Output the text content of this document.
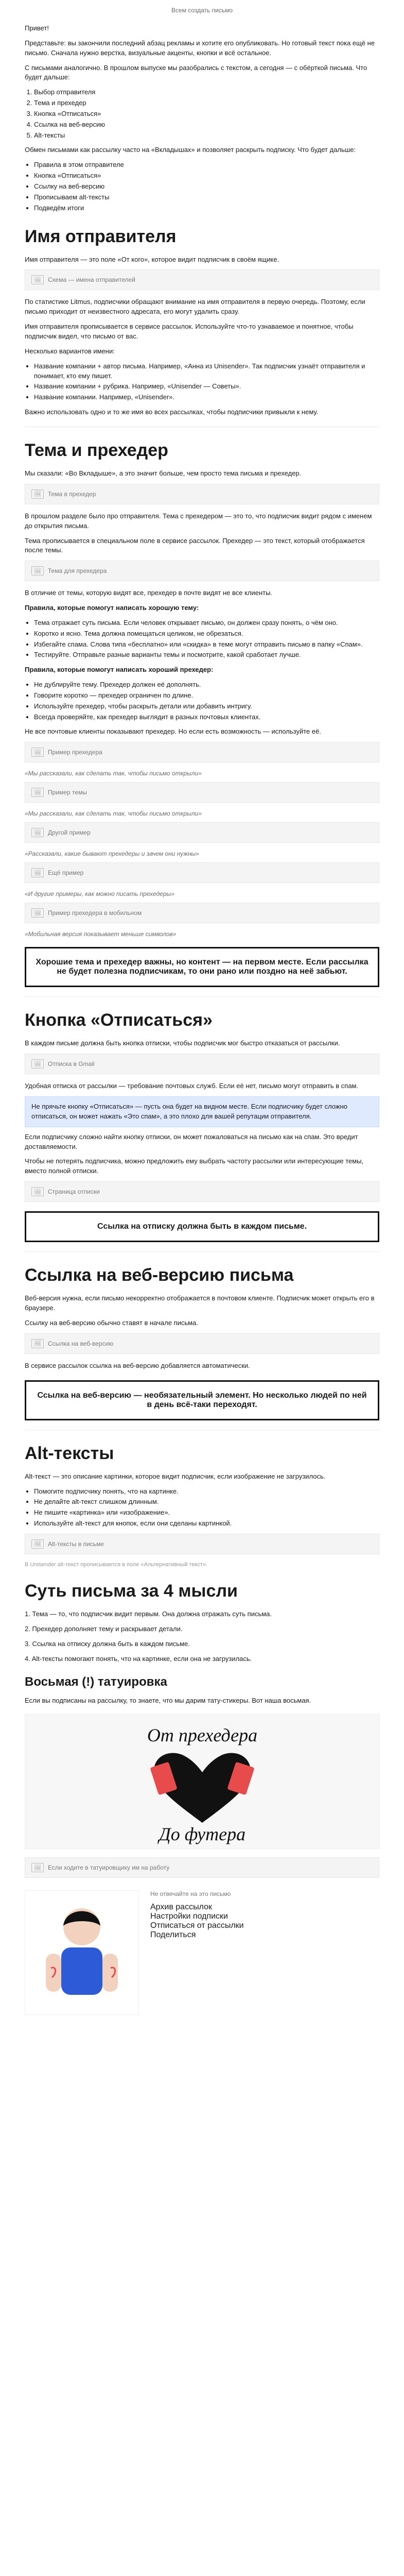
Всем создать письмо

Привет!

Представьте: вы закончили последний абзац рекламы и хотите его опубликовать. Но готовый текст пока ещё не письмо. Сначала нужно верстка, визуальные акценты, кнопки и всё остальное.

С письмами аналогично. В прошлом выпуске мы разобрались с текстом, а сегодня — с обёрткой письма. Что будет дальше:

1. Выбор отправителя
2. Тема и прехедер
3. Кнопка «Отписаться»
4. Ссылка на веб-версию
5. Alt-тексты

Обмен письмами как рассылку часто на «Вкладышах» и позволяет раскрыть подписку. Что будет дальше:

• Правила в этом отправителе
• Кнопка «Отписаться»
• Ссылку на веб-версию
• Прописываем alt-тексты
• Подведём итоги
Имя отправителя

Имя отправителя — это поле «От кого», которое видит подписчик в своём ящике.

🖼	Схема — имена отправителей

По статистике Litmus, подписчики обращают внимание на имя отправителя в первую очередь. Поэтому, если письмо приходит от неизвестного адресата, его могут удалить сразу.

Имя отправителя прописывается в сервисе рассылок. Используйте что-то узнаваемое и понятное, чтобы подписчик видел, что письмо от вас.

Несколько вариантов имени:

• Название компании + автор письма. Например, «Анна из Unisender». Так подписчик узнаёт отправителя и понимает, кто ему пишет.
• Название компании + рубрика. Например, «Unisender — Советы».
• Название компании. Например, «Unisender».

Важно использовать одно и то же имя во всех рассылках, чтобы подписчики привыкли к нему.

Тема и прехедер

Мы сказали: «Во Вкладыше», а это значит больше, чем просто тема письма и прехедер.

🖼	Тема в прехедер

В прошлом разделе было про отправителя. Тема с прехедером — это то, что подписчик видит рядом с именем до открытия письма.

Тема прописывается в специальном поле в сервисе рассылок. Прехедер — это текст, который отображается после темы.

🖼	Тема для прехедера

В отличие от темы, которую видят все, прехедер в почте видят не все клиенты.

Правила, которые помогут написать хорошую тему:

• Тема отражает суть письма. Если человек открывает письмо, он должен сразу понять, о чём оно.
• Коротко и ясно. Тема должна помещаться целиком, не обрезаться.
• Избегайте спама. Слова типа «бесплатно» или «скидка» в теме могут отправить письмо в папку «Спам».
• Тестируйте. Отправьте разные варианты темы и посмотрите, какой сработает лучше.

Правила, которые помогут написать хороший прехедер:

• Не дублируйте тему. Прехедер должен её дополнять.
• Говорите коротко — прехедер ограничен по длине.
• Используйте прехедер, чтобы раскрыть детали или добавить интригу.
• Всегда проверяйте, как прехедер выглядит в разных почтовых клиентах.

Не все почтовые клиенты показывают прехедер. Но если есть возможность — используйте её.

🖼	Пример прехедера
«Мы рассказали, как сделать так, чтобы письмо открыли»
🖼	Пример темы
«Мы рассказали, как сделать так, чтобы письмо открыли»
🖼	Другой пример
«Рассказали, какие бывают прехедеры и зачем они нужны»
🖼	Ещё пример
«И другие примеры, как можно писать прехедеры»
🖼	Пример прехедера в мобильном
«Мобильная версия показывает меньше символов»
Хорошие тема и прехедер важны, но контент — на первом месте. Если рассылка не будет полезна подписчикам, то они рано или поздно на неё забьют.
Кнопка «Отписаться»

В каждом письме должна быть кнопка отписки, чтобы подписчик мог быстро отказаться от рассылки.

🖼	Отписка в Gmail

Удобная отписка от рассылки — требование почтовых служб. Если её нет, письмо могут отправить в спам.

Не прячьте кнопку «Отписаться» — пусть она будет на видном месте. Если подписчику будет сложно отписаться, он может нажать «Это спам», а это плохо для вашей репутации отправителя.

Если подписчику сложно найти кнопку отписки, он может пожаловаться на письмо как на спам. Это вредит доставляемости.

Чтобы не потерять подписчика, можно предложить ему выбрать частоту рассылки или интересующие темы, вместо полной отписки.

🖼	Страница отписки
Ссылка на отписку должна быть в каждом письме.
Ссылка на веб-версию письма

Веб-версия нужна, если письмо некорректно отображается в почтовом клиенте. Подписчик может открыть его в браузере.

Ссылку на веб-версию обычно ставят в начале письма.

🖼	Ссылка на веб-версию

В сервисе рассылок ссылка на веб-версию добавляется автоматически.

Ссылка на веб-версию — необязательный элемент. Но несколько людей по ней в день всё-таки переходят.
Alt-тексты

Alt-текст — это описание картинки, которое видит подписчик, если изображение не загрузилось.

• Помогите подписчику понять, что на картинке.
• Не делайте alt-текст слишком длинным.
• Не пишите «картинка» или «изображение».
• Используйте alt-текст для кнопок, если они сделаны картинкой.
🖼	Alt-тексты в письме
В Unisender alt-текст прописывается в поле «Альтернативный текст».
Суть письма за 4 мысли

1. Тема — то, что подписчик видит первым. Она должна отражать суть письма.

2. Прехедер дополняет тему и раскрывает детали.

3. Ссылка на отписку должна быть в каждом письме.

4. Alt-тексты помогают понять, что на картинке, если она не загрузилась.

Восьмая (!) татуировка

Если вы подписаны на рассылку, то знаете, что мы дарим тату-стикеры. Вот наша восьмая.

От прехедера
До футера
🖼	Если ходите в татуировщику им на работу
Не отвечайте на это письмо
Архив рассылок
Настройки подписки
Отписаться от рассылки
Поделиться
